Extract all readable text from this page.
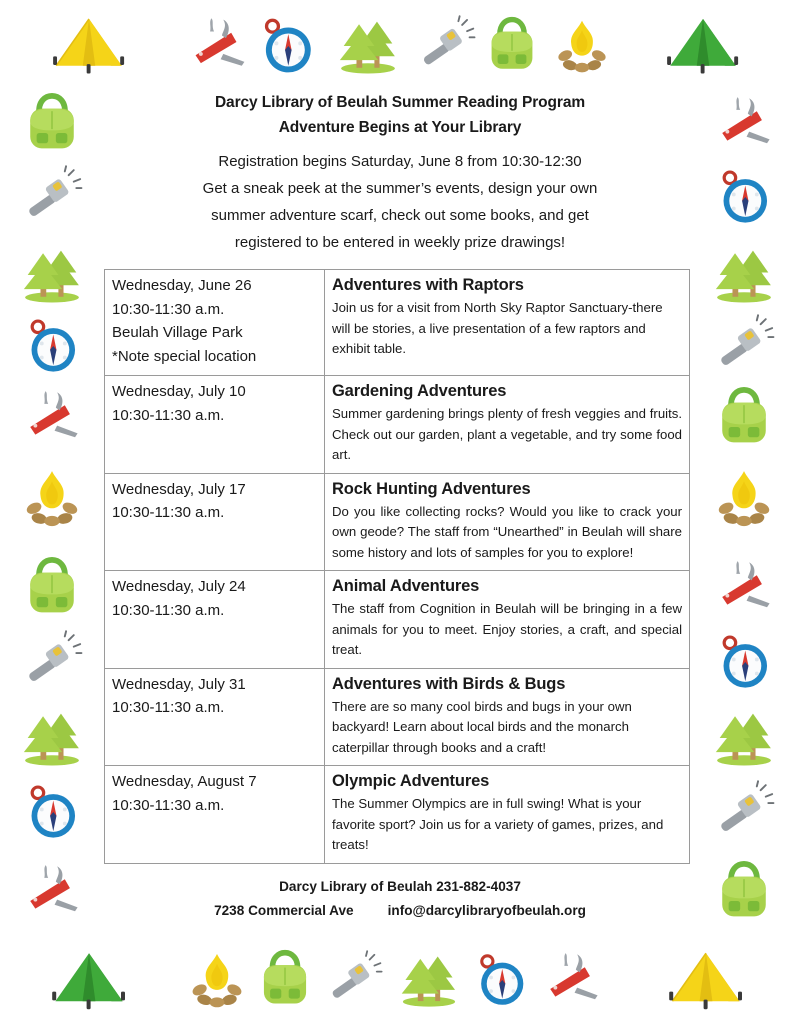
Darcy Library of Beulah Summer Reading Program
Adventure Begins at Your Library
Registration begins Saturday, June 8 from 10:30-12:30
Get a sneak peek at the summer’s events, design your own
summer adventure scarf, check out some books, and get
registered to be entered in weekly prize drawings!
Wednesday, June 26
10:30-11:30 a.m.
Beulah Village Park
*Note special location

Adventures with Raptors
Join us for a visit from North Sky Raptor Sanctuary-there will be stories, a live presentation of a few raptors and exhibit table.

Wednesday, July 10
10:30-11:30 a.m.

Gardening Adventures
Summer gardening brings plenty of fresh veggies and fruits. Check out our garden, plant a vegetable, and try some food art.

Wednesday, July 17
10:30-11:30 a.m.

Rock Hunting Adventures
Do you like collecting rocks? Would you like to crack your own geode? The staff from “Unearthed” in Beulah will share some history and lots of samples for you to explore!

Wednesday, July 24
10:30-11:30 a.m.

Animal Adventures
The staff from Cognition in Beulah will be bringing in a few animals for you to meet. Enjoy stories, a craft, and special treat.

Wednesday, July 31
10:30-11:30 a.m.

Adventures with Birds & Bugs
There are so many cool birds and bugs in your own backyard! Learn about local birds and the monarch caterpillar through books and a craft!

Wednesday, August 7
10:30-11:30 a.m.

Olympic Adventures
The Summer Olympics are in full swing! What is your favorite sport? Join us for a variety of games, prizes, and treats!
Darcy Library of Beulah 231-882-4037
7238 Commercial Ave	info@darcylibraryofbeulah.org
